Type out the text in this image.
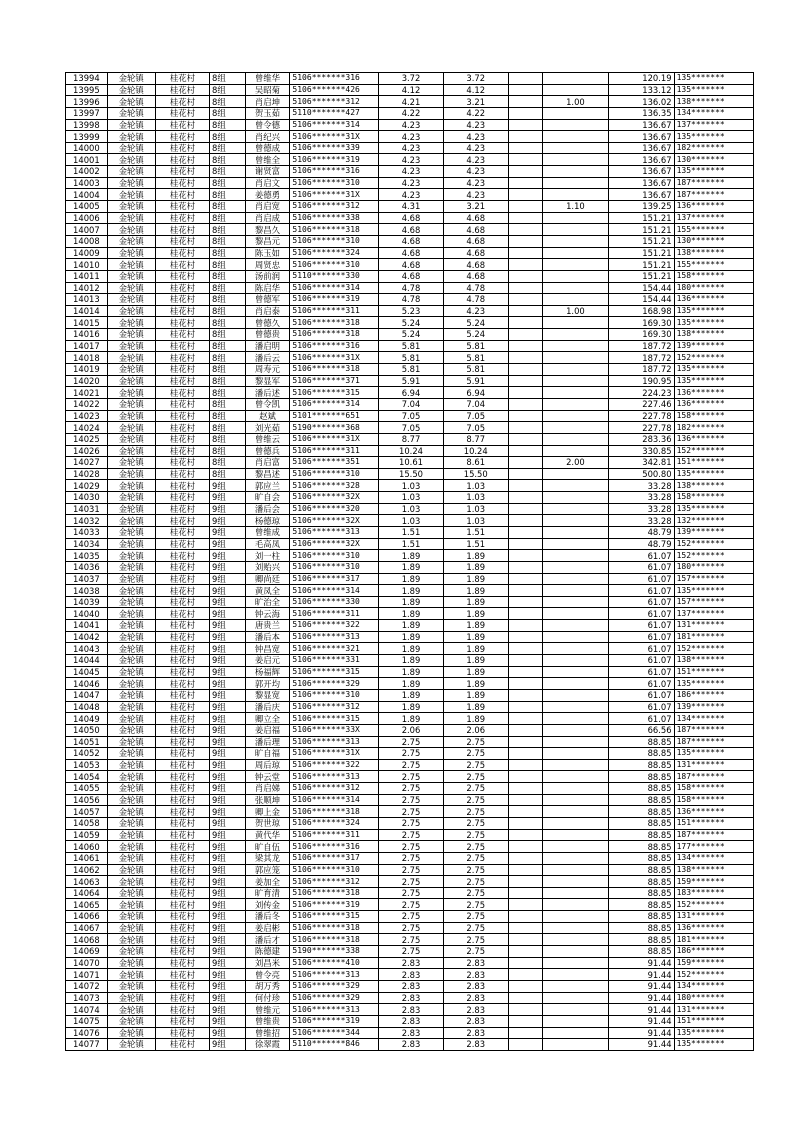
13994	金轮镇	桂花村	8组	曾维华	5106*******316	3.72	3.72			120.19	135*******
13995	金轮镇	桂花村	8组	吴昭菊	5106*******426	4.12	4.12			133.12	135*******
13996	金轮镇	桂花村	8组	肖启坤	5106*******312	4.21	3.21		1.00	136.02	138*******
13997	金轮镇	桂花村	8组	贺玉茹	5110*******427	4.22	4.22			136.35	134*******
13998	金轮镇	桂花村	8组	曾令德	5106*******314	4.23	4.23			136.67	137*******
13999	金轮镇	桂花村	8组	肖纪兴	5106*******31X	4.23	4.23			136.67	135*******
14000	金轮镇	桂花村	8组	曾德成	5106*******339	4.23	4.23			136.67	182*******
14001	金轮镇	桂花村	8组	曾维全	5106*******319	4.23	4.23			136.67	130*******
14002	金轮镇	桂花村	8组	谢贤富	5106*******316	4.23	4.23			136.67	135*******
14003	金轮镇	桂花村	8组	肖启文	5106*******310	4.23	4.23			136.67	187*******
14004	金轮镇	桂花村	8组	姜德勇	5106*******31X	4.23	4.23			136.67	187*******
14005	金轮镇	桂花村	8组	肖启宽	5106*******312	4.31	3.21		1.10	139.25	136*******
14006	金轮镇	桂花村	8组	肖启成	5106*******338	4.68	4.68			151.21	137*******
14007	金轮镇	桂花村	8组	黎昌久	5106*******318	4.68	4.68			151.21	155*******
14008	金轮镇	桂花村	8组	黎昌元	5106*******310	4.68	4.68			151.21	130*******
14009	金轮镇	桂花村	8组	陈玉如	5106*******324	4.68	4.68			151.21	138*******
14010	金轮镇	桂花村	8组	周贤忠	5106*******310	4.68	4.68			151.21	155*******
14011	金轮镇	桂花村	8组	汤前润	5110*******330	4.68	4.68			151.21	158*******
14012	金轮镇	桂花村	8组	陈启华	5106*******314	4.78	4.78			154.44	180*******
14013	金轮镇	桂花村	8组	曾德军	5106*******319	4.78	4.78			154.44	136*******
14014	金轮镇	桂花村	8组	肖启泰	5106*******311	5.23	4.23		1.00	168.98	135*******
14015	金轮镇	桂花村	8组	曾德久	5106*******318	5.24	5.24			169.30	135*******
14016	金轮镇	桂花村	8组	曾德贵	5106*******318	5.24	5.24			169.30	138*******
14017	金轮镇	桂花村	8组	潘启明	5106*******316	5.81	5.81			187.72	139*******
14018	金轮镇	桂花村	8组	潘后云	5106*******31X	5.81	5.81			187.72	152*******
14019	金轮镇	桂花村	8组	周寿元	5106*******318	5.81	5.81			187.72	135*******
14020	金轮镇	桂花村	8组	黎显军	5106*******371	5.91	5.91			190.95	135*******
14021	金轮镇	桂花村	8组	潘后述	5106*******315	6.94	6.94			224.23	136*******
14022	金轮镇	桂花村	8组	曾令凯	5106*******314	7.04	7.04			227.46	136*******
14023	金轮镇	桂花村	8组	赵斌	5101*******651	7.05	7.05			227.78	158*******
14024	金轮镇	桂花村	8组	刘光茹	5190*******368	7.05	7.05			227.78	182*******
14025	金轮镇	桂花村	8组	曾维云	5106*******31X	8.77	8.77			283.36	136*******
14026	金轮镇	桂花村	8组	曾德兵	5106*******311	10.24	10.24			330.85	152*******
14027	金轮镇	桂花村	8组	肖启富	5106*******351	10.61	8.61		2.00	342.81	151*******
14028	金轮镇	桂花村	8组	黎昌述	5106*******310	15.50	15.50			500.80	135*******
14029	金轮镇	桂花村	9组	郭应兰	5106*******328	1.03	1.03			33.28	138*******
14030	金轮镇	桂花村	9组	旷自会	5106*******32X	1.03	1.03			33.28	158*******
14031	金轮镇	桂花村	9组	潘后会	5106*******320	1.03	1.03			33.28	135*******
14032	金轮镇	桂花村	9组	杨德琼	5106*******32X	1.03	1.03			33.28	132*******
14033	金轮镇	桂花村	9组	曾维成	5106*******313	1.51	1.51			48.79	139*******
14034	金轮镇	桂花村	9组	毛高凤	5106*******32X	1.51	1.51			48.79	152*******
14035	金轮镇	桂花村	9组	刘一柱	5106*******310	1.89	1.89			61.07	152*******
14036	金轮镇	桂花村	9组	刘贻兴	5106*******310	1.89	1.89			61.07	180*******
14037	金轮镇	桂花村	9组	卿尚廷	5106*******317	1.89	1.89			61.07	157*******
14038	金轮镇	桂花村	9组	黄凤全	5106*******314	1.89	1.89			61.07	135*******
14039	金轮镇	桂花村	9组	旷治全	5106*******330	1.89	1.89			61.07	157*******
14040	金轮镇	桂花村	9组	钟云海	5106*******311	1.89	1.89			61.07	137*******
14041	金轮镇	桂花村	9组	唐贵兰	5106*******322	1.89	1.89			61.07	131*******
14042	金轮镇	桂花村	9组	潘后本	5106*******313	1.89	1.89			61.07	181*******
14043	金轮镇	桂花村	9组	钟昌宽	5106*******321	1.89	1.89			61.07	152*******
14044	金轮镇	桂花村	9组	姜启元	5106*******331	1.89	1.89			61.07	138*******
14045	金轮镇	桂花村	9组	杨福辉	5106*******315	1.89	1.89			61.07	151*******
14046	金轮镇	桂花村	9组	郭开均	5106*******329	1.89	1.89			61.07	135*******
14047	金轮镇	桂花村	9组	黎显宽	5106*******310	1.89	1.89			61.07	186*******
14048	金轮镇	桂花村	9组	潘后庆	5106*******312	1.89	1.89			61.07	139*******
14049	金轮镇	桂花村	9组	卿立全	5106*******315	1.89	1.89			61.07	134*******
14050	金轮镇	桂花村	9组	姜启福	5106*******33X	2.06	2.06			66.56	187*******
14051	金轮镇	桂花村	9组	潘后理	5106*******313	2.75	2.75			88.85	187*******
14052	金轮镇	桂花村	9组	旷自福	5106*******31X	2.75	2.75			88.85	135*******
14053	金轮镇	桂花村	9组	周后琼	5106*******322	2.75	2.75			88.85	131*******
14054	金轮镇	桂花村	9组	钟云堂	5106*******313	2.75	2.75			88.85	187*******
14055	金轮镇	桂花村	9组	肖启娣	5106*******312	2.75	2.75			88.85	158*******
14056	金轮镇	桂花村	9组	张顺坤	5106*******314	2.75	2.75			88.85	158*******
14057	金轮镇	桂花村	9组	卿上金	5106*******318	2.75	2.75			88.85	136*******
14058	金轮镇	桂花村	9组	贺世琼	5106*******324	2.75	2.75			88.85	151*******
14059	金轮镇	桂花村	9组	黄代华	5106*******311	2.75	2.75			88.85	187*******
14060	金轮镇	桂花村	9组	旷自伍	5106*******316	2.75	2.75			88.85	177*******
14061	金轮镇	桂花村	9组	梁其龙	5106*******317	2.75	2.75			88.85	134*******
14062	金轮镇	桂花村	9组	郭应笼	5106*******310	2.75	2.75			88.85	138*******
14063	金轮镇	桂花村	9组	姜加全	5106*******312	2.75	2.75			88.85	159*******
14064	金轮镇	桂花村	9组	旷育清	5106*******318	2.75	2.75			88.85	183*******
14065	金轮镇	桂花村	9组	刘传金	5106*******319	2.75	2.75			88.85	152*******
14066	金轮镇	桂花村	9组	潘后冬	5106*******315	2.75	2.75			88.85	131*******
14067	金轮镇	桂花村	9组	姜启彬	5106*******318	2.75	2.75			88.85	136*******
14068	金轮镇	桂花村	9组	潘后才	5106*******318	2.75	2.75			88.85	181*******
14069	金轮镇	桂花村	9组	陈德建	5190*******338	2.75	2.75			88.85	186*******
14070	金轮镇	桂花村	9组	刘昌米	5106*******410	2.83	2.83			91.44	159*******
14071	金轮镇	桂花村	9组	曾令亮	5106*******313	2.83	2.83			91.44	152*******
14072	金轮镇	桂花村	9组	胡万秀	5106*******329	2.83	2.83			91.44	134*******
14073	金轮镇	桂花村	9组	何付珍	5106*******329	2.83	2.83			91.44	180*******
14074	金轮镇	桂花村	9组	曾维元	5106*******313	2.83	2.83			91.44	131*******
14075	金轮镇	桂花村	9组	曾维贵	5106*******319	2.83	2.83			91.44	151*******
14076	金轮镇	桂花村	9组	曾维招	5106*******344	2.83	2.83			91.44	135*******
14077	金轮镇	桂花村	9组	徐翠霞	5110*******846	2.83	2.83			91.44	135*******
